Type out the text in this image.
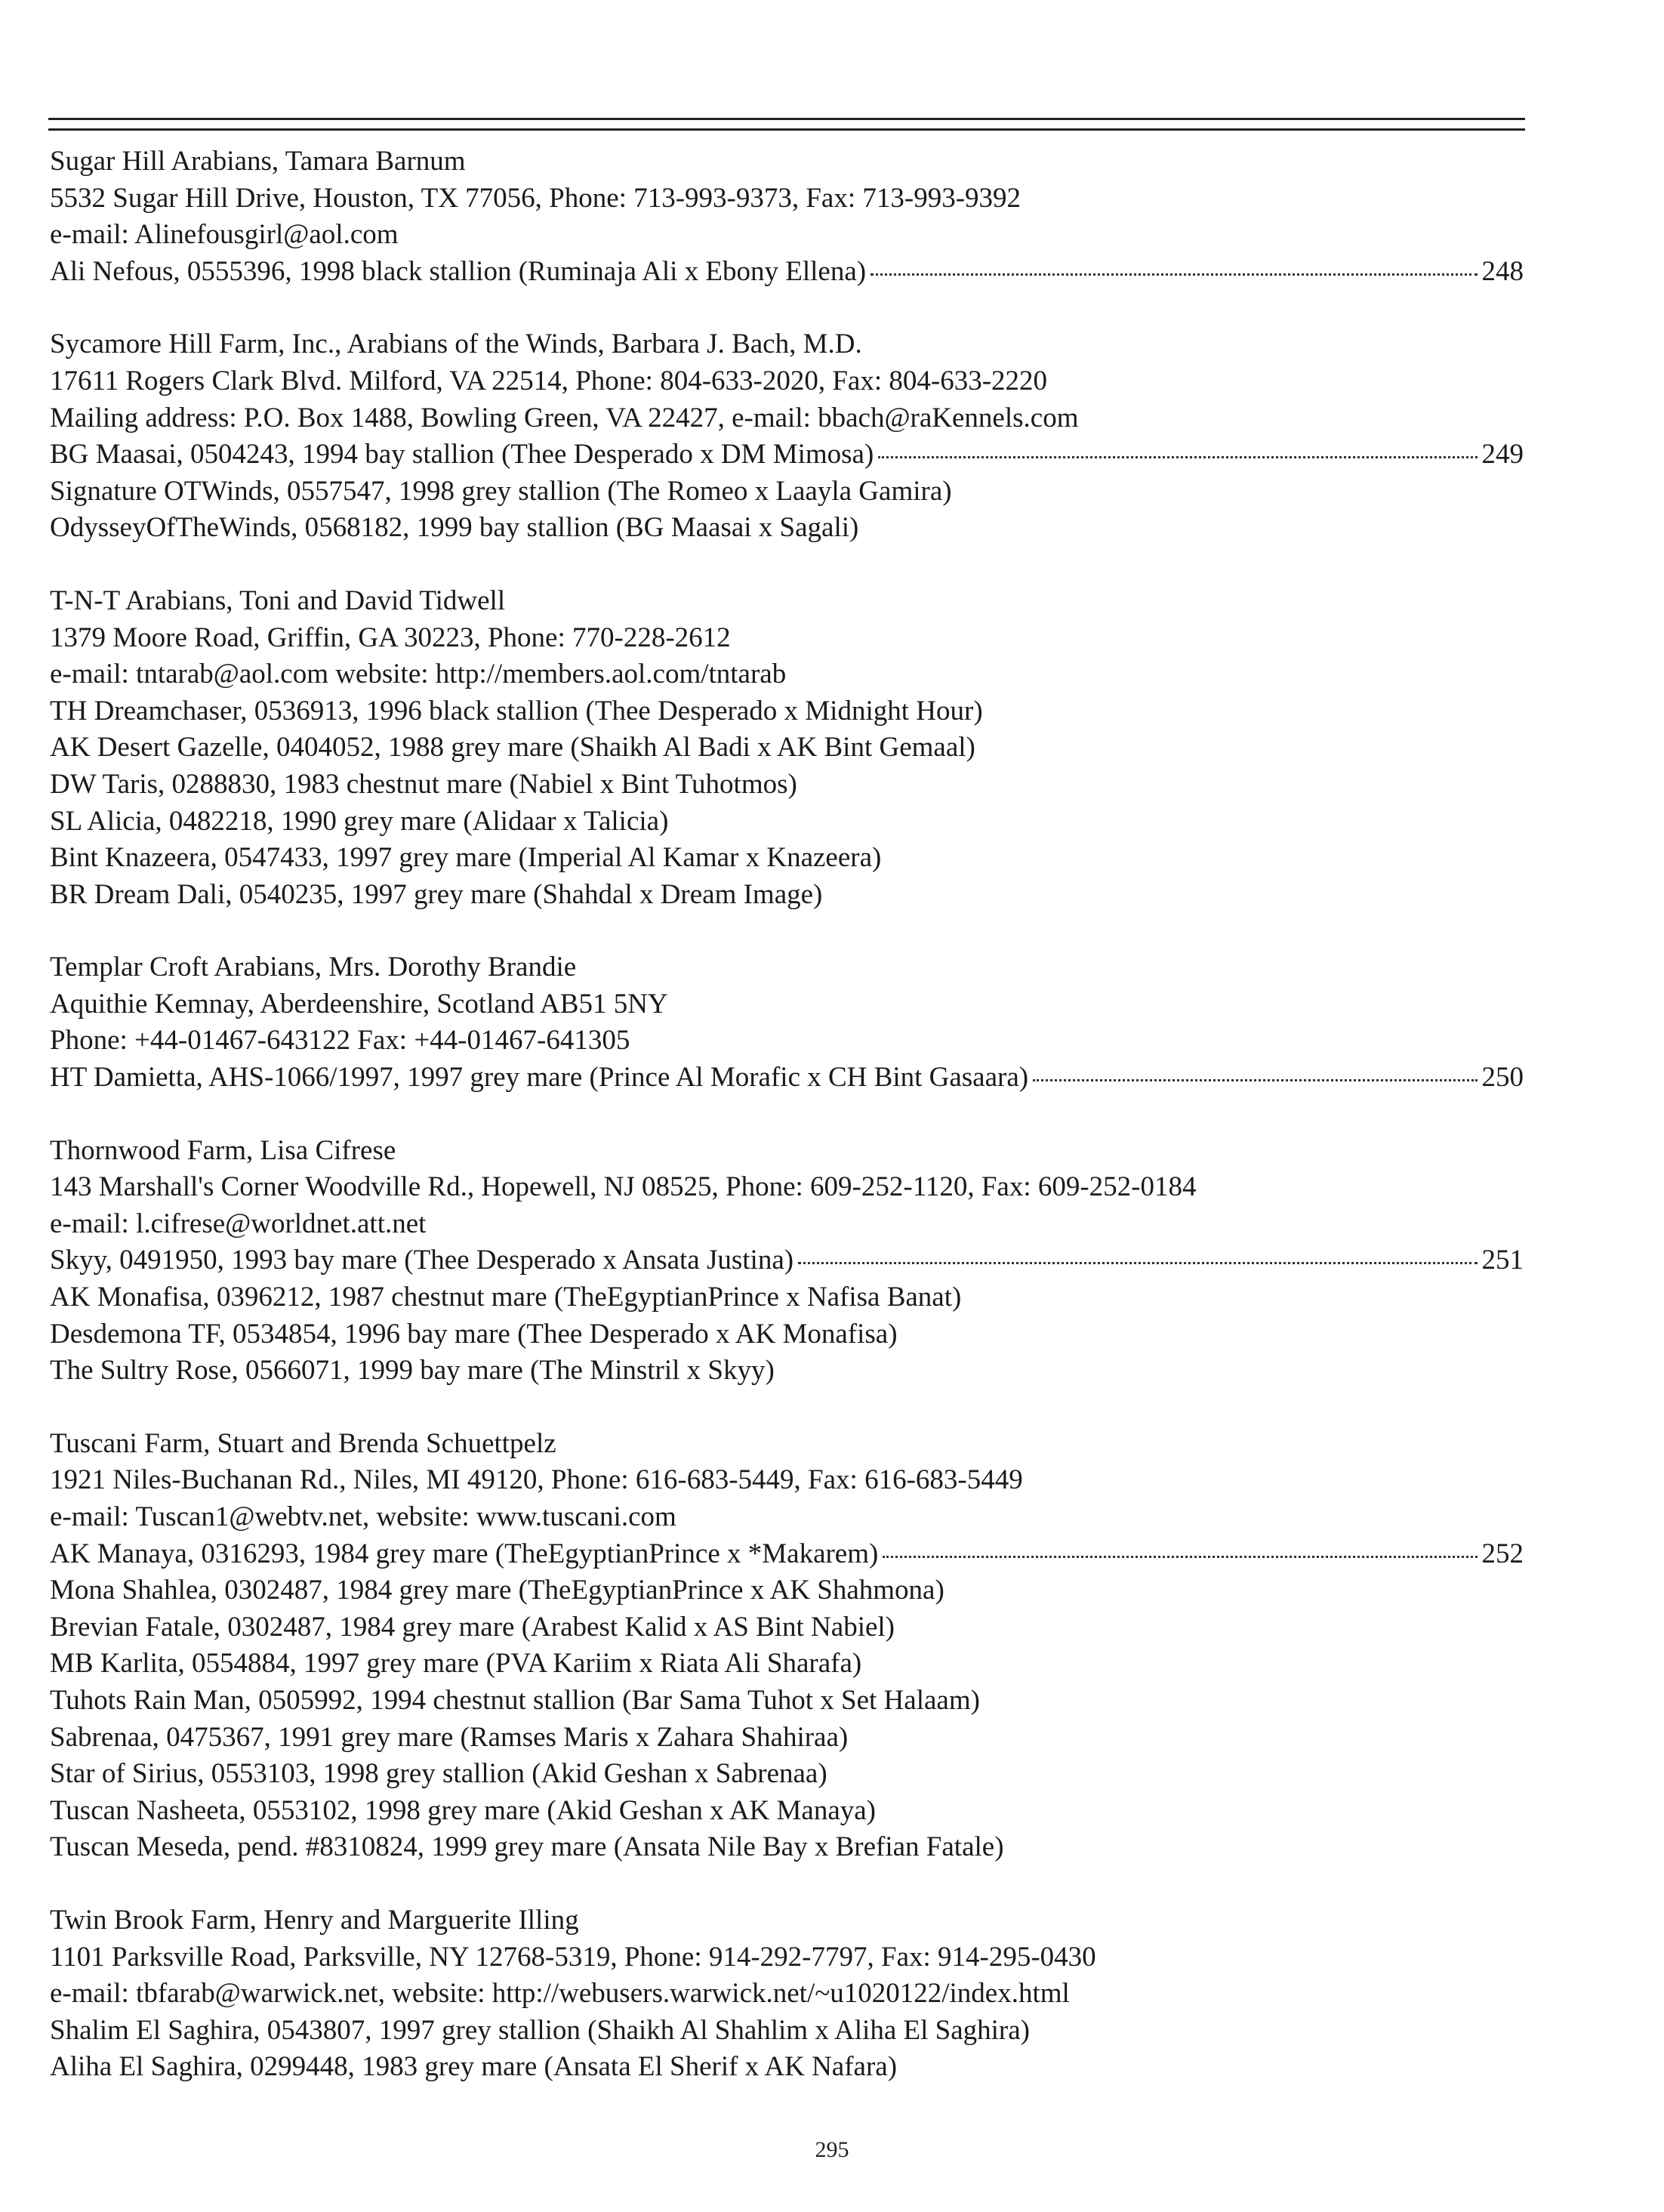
Sugar Hill Arabians, Tamara Barnum
5532 Sugar Hill Drive, Houston, TX 77056, Phone: 713-993-9373, Fax: 713-993-9392
e-mail: Alinefousgirl@aol.com
Ali Nefous, 0555396, 1998 black stallion (Ruminaja Ali x Ebony Ellena)	248
Sycamore Hill Farm, Inc., Arabians of the Winds, Barbara J. Bach, M.D.
17611 Rogers Clark Blvd. Milford, VA 22514, Phone: 804-633-2020, Fax: 804-633-2220
Mailing address: P.O. Box 1488, Bowling Green, VA 22427, e-mail: bbach@raKennels.com
BG Maasai, 0504243, 1994 bay stallion (Thee Desperado x DM Mimosa)	249
Signature OTWinds, 0557547, 1998 grey stallion (The Romeo x Laayla Gamira)
OdysseyOfTheWinds, 0568182, 1999 bay stallion (BG Maasai x Sagali)
T-N-T Arabians, Toni and David Tidwell
1379 Moore Road, Griffin, GA 30223, Phone: 770-228-2612
e-mail: tntarab@aol.com website: http://members.aol.com/tntarab
TH Dreamchaser, 0536913, 1996 black stallion (Thee Desperado x Midnight Hour)
AK Desert Gazelle, 0404052, 1988 grey mare (Shaikh Al Badi x AK Bint Gemaal)
DW Taris, 0288830, 1983 chestnut mare (Nabiel x Bint Tuhotmos)
SL Alicia, 0482218, 1990 grey mare (Alidaar x Talicia)
Bint Knazeera, 0547433, 1997 grey mare (Imperial Al Kamar x Knazeera)
BR Dream Dali, 0540235, 1997 grey mare (Shahdal x Dream Image)
Templar Croft Arabians, Mrs. Dorothy Brandie
Aquithie Kemnay, Aberdeenshire, Scotland AB51 5NY
Phone: +44-01467-643122 Fax: +44-01467-641305
HT Damietta, AHS-1066/1997, 1997 grey mare (Prince Al Morafic x CH Bint Gasaara)	250
Thornwood Farm, Lisa Cifrese
143 Marshall's Corner Woodville Rd., Hopewell, NJ 08525, Phone: 609-252-1120, Fax: 609-252-0184
e-mail: l.cifrese@worldnet.att.net
Skyy, 0491950, 1993 bay mare (Thee Desperado x Ansata Justina)	251
AK Monafisa, 0396212, 1987 chestnut mare (TheEgyptianPrince x Nafisa Banat)
Desdemona TF, 0534854, 1996 bay mare (Thee Desperado x AK Monafisa)
The Sultry Rose, 0566071, 1999 bay mare (The Minstril x Skyy)
Tuscani Farm, Stuart and Brenda Schuettpelz
1921 Niles-Buchanan Rd., Niles, MI 49120, Phone: 616-683-5449, Fax: 616-683-5449
e-mail: Tuscan1@webtv.net, website: www.tuscani.com
AK Manaya, 0316293, 1984 grey mare (TheEgyptianPrince x *Makarem)	252
Mona Shahlea, 0302487, 1984 grey mare (TheEgyptianPrince x AK Shahmona)
Brevian Fatale, 0302487, 1984 grey mare (Arabest Kalid x AS Bint Nabiel)
MB Karlita, 0554884, 1997 grey mare (PVA Kariim x Riata Ali Sharafa)
Tuhots Rain Man, 0505992, 1994 chestnut stallion (Bar Sama Tuhot x Set Halaam)
Sabrenaa, 0475367, 1991 grey mare (Ramses Maris x Zahara Shahiraa)
Star of Sirius, 0553103, 1998 grey stallion (Akid Geshan x Sabrenaa)
Tuscan Nasheeta, 0553102, 1998 grey mare (Akid Geshan x AK Manaya)
Tuscan Meseda, pend. #8310824, 1999 grey mare (Ansata Nile Bay x Brefian Fatale)
Twin Brook Farm, Henry and Marguerite Illing
1101 Parksville Road, Parksville, NY 12768-5319, Phone: 914-292-7797, Fax: 914-295-0430
e-mail: tbfarab@warwick.net, website: http://webusers.warwick.net/~u1020122/index.html
Shalim El Saghira, 0543807, 1997 grey stallion (Shaikh Al Shahlim x Aliha El Saghira)
Aliha El Saghira, 0299448, 1983 grey mare (Ansata El Sherif x AK Nafara)
295
